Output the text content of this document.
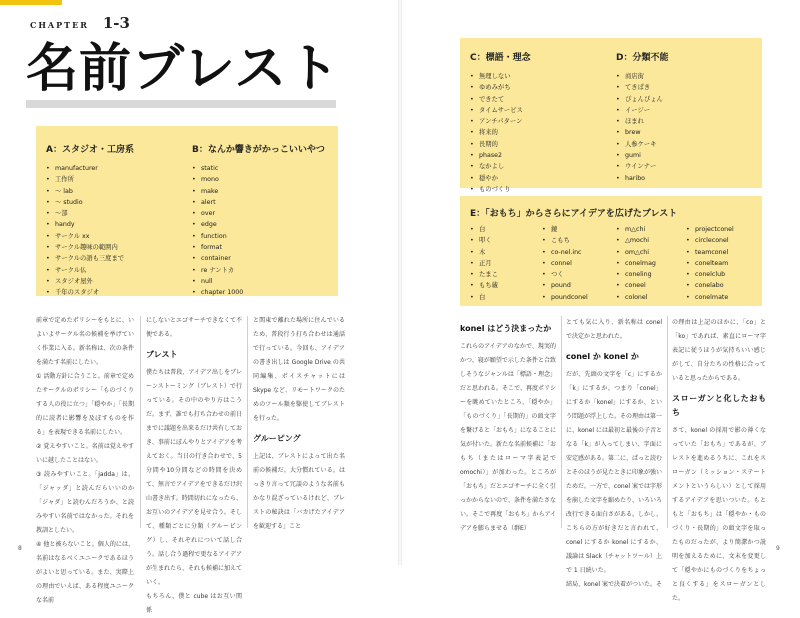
CHAPTER 1-3
名前ブレスト
A：スタジオ・工房系
• manufacturer
• 工作所
• 〜 lab
• 〜 studio
• 〜部
• handy
• サークル xx
• サークル趣味の範囲内
• サークルの語も三度まで
• サークル仏
• スタジオ屋外
• 千年のスタジオ
B：なんか響きがかっこいいやつ
• static
• mono
• make
• alert
• over
• edge
• function
• format
• container
• re ナントカ
• null
• chapter 1000

前章で定めたポリシーをもとに、いよいよサークル名の候補を挙げていく作業に入る。新名称は、次の条件を満たす名前にしたい。

① 活動方針に合うこと。前章で定めたサークルのポリシー「ものづくりする人の役に立つ」「穏やか」「長期的に読者に影響を及ぼすものを作る」を表現できる名前にしたい。

② 覚えやすいこと。名前は覚えやすいに越したことはない。

③ 読みやすいこと。「jadda」は、「ジャッダ」と読んだらいいのか「ジャダ」と読むんだろうか、と読みやすい名前ではなかった。それを教訓としたい。

④ 他と被らないこと。個人的には、名前はなるべくユニークであるほうがよいと思っている。また、実際上の理由でいえば、ある程度ユニークな名前

にしないとエゴサーチできなくて不便である。

ブレスト

僕たちは普段、アイデア出しをブレーンストーミング（ブレスト）で行っている。その中のやり方はこうだ。まず、誰でも打ち合わせの前日までに議題を出来るだけ共有しておき、事前にぼんやりとアイデアを考えておく。当日の行き合わせで、5分間や10分間などの時間を決めて、無言でアイデアをできるだけ沢山書き出す。時間切れになったら、お互いのアイデアを見せ合う。そして、種類ごとに分類（グルーピング）し、それぞれについて話し合う。話し合う過程で更なるアイデアが生まれたら、それも候補に加えていく。

もちろん、僕と cube はお互い関係

と関東で離れた場所に住んでいるため、普段行う打ち合わせは通話で行っている。今回も、アイデアの書き出しは Google Drive の共同編集、ボイスチャットには Skype など、リモートワークのためのツール類を駆使してブレストを行った。

グルーピング

上記は、ブレストによって出た名前の候補だ。大分慣れている。はっきり言って冗談のような名前もかなり混ざっているけれど、ブレストの秘訣は「バカげたアイデアを歓迎する」こと

8
C：標語・理念
• 無理しない
• ゆめみがち
• できたて
• タイムサービス
• アンチパターン
• 将来的
• 長期的
• phase2
• なかよし
• 穏やか
• ものづくり
D：分類不能
• 商店街
• てきぱき
• ぴょんぴょん
• イージー
• ほまれ
• brew
• 人参ケーキ
• gumi
• ウインナー
• haribo
E：「おもち」からさらにアイデアを広げたブレスト
• 白
• 叩く
• 木
• 正月
• たまこ
• もち蔵
• 白
• 鏡
• こもち
• co-nel.inc
• connel
• つく
• pound
• poundconel
• m△chi
• △mochi
• om△chi
• conelmag
• coneling
• coneel
• colonel
• projectconel
• circleconel
• teamconel
• conelteam
• conelclub
• conelabo
• conelmate
konel はどう決まったか

これらのアイデアのなかで、現実的かつ、寝が願望で示した条件と合致しそうなジャンルは「標語・理念」だと思われる。そこで、再度ポリシーを眺めていたところ、「穏やか」「ものづくり」「長期的」の頭文字を繋げると「おもち」になることに気が付いた。新たな名前候補に「おもち（またはローマ字表記で omochi）」が加わった。ところが「おもち」だとエゴサーチに全く引っかからないので、条件を満たさない。そこで再度「おもち」からアイデアを膨らませる（群E）

とても気に入り、新名称は conel で決定かと思われた。

conel か konel か

だが、先頭の文字を「c」にするか「k」にするか。つまり「conel」にするか「konel」にするか、という問題が浮上した。その理由は第一に、konel には最初と最後の子音となる「k」が入ってしまい、字面に安定感がある。第二に、ぱっと読むとそのほうが見たときに印象が強いためだ。一方で、conel 案では字形を崩した文字を縮めたり、いろいろ改行できる面白さがある。しかし、こちらの方が好きだと言われて、conel にするか konel にするか、議論は Slack（チャットツール）上で 1 日続いた。

結局、konel 案で決着がついた。そ

の理由は上記のほかに、「co」と「ko」であれば、素直にローマ字表記に従うほうが気持ちいい感じがして、自分たちの性格に合っていると思ったからである。

スローガンと化したおもち

さて、konel の採用で影の薄くなっていた「おもち」であるが、ブレストを進めるうちに、これをスローガン（ミッション・ステートメントというらしい）として採用するアイデアを思いついた。もともと「おもち」は「穏やか・ものづくり・長期的」の頭文字を取ったものだったが、より簡潔かつ説明を加えるために、文末を変更して「穏やかにものづくりをちょっと良くする」をスローガンとした。

9
